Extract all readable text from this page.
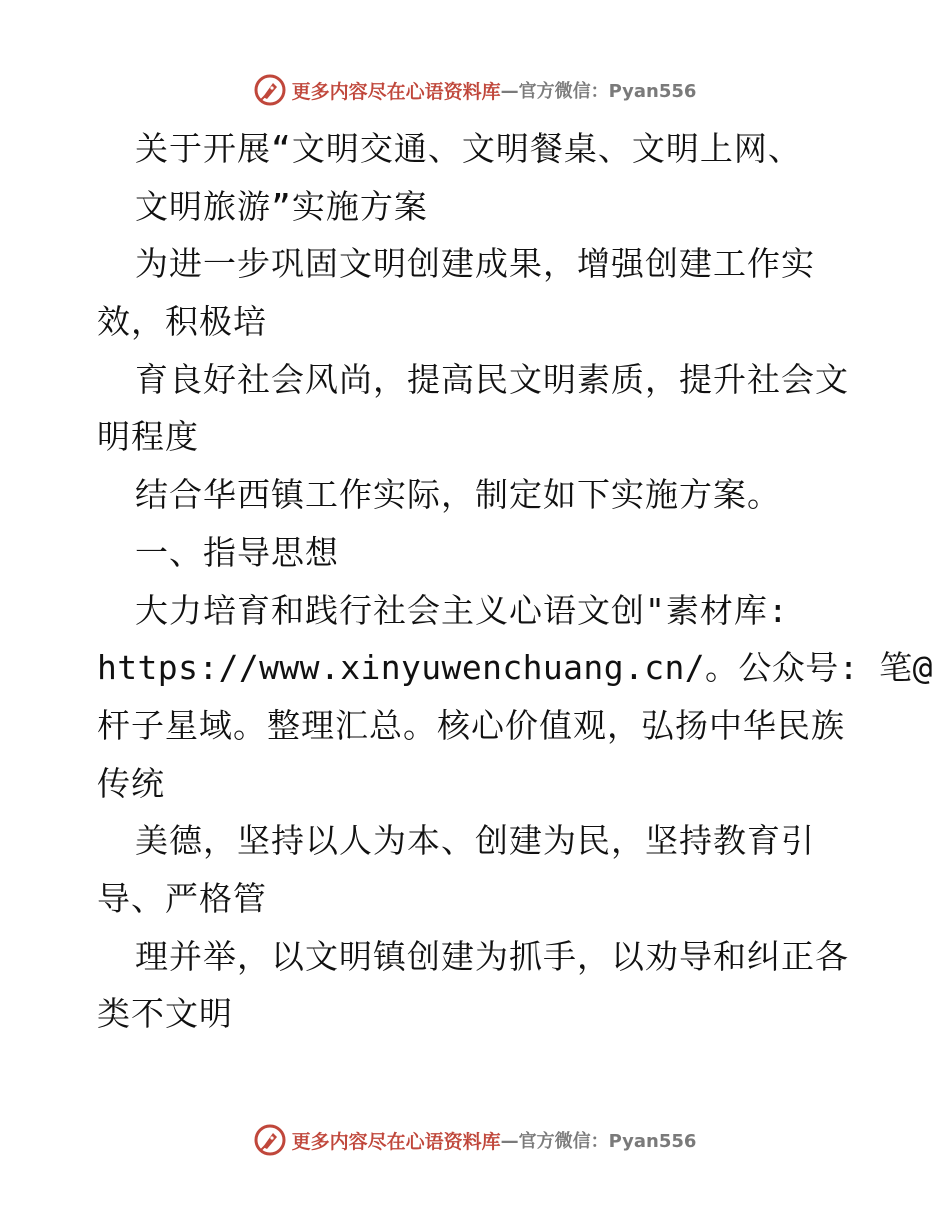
更多内容尽在心语资料库 —官方微信：Pyan556
关于开展“文明交通、文明餐桌、文明上网、
文明旅游”实施方案
为进一步巩固文明创建成果，增强创建工作实
效，积极培
育良好社会风尚，提高民文明素质，提升社会文
明程度
结合华西镇工作实际，制定如下实施方案。
一、指导思想
大力培育和践行社会主义心语文创"素材库:
https://www.xinyuwenchuang.cn/。公众号: 笔@
杆子星域。整理汇总。核心价值观，弘扬中华民族
传统
美德，坚持以人为本、创建为民，坚持教育引
导、严格管
理并举，以文明镇创建为抓手，以劝导和纠正各
类不文明
更多内容尽在心语资料库 —官方微信：Pyan556
